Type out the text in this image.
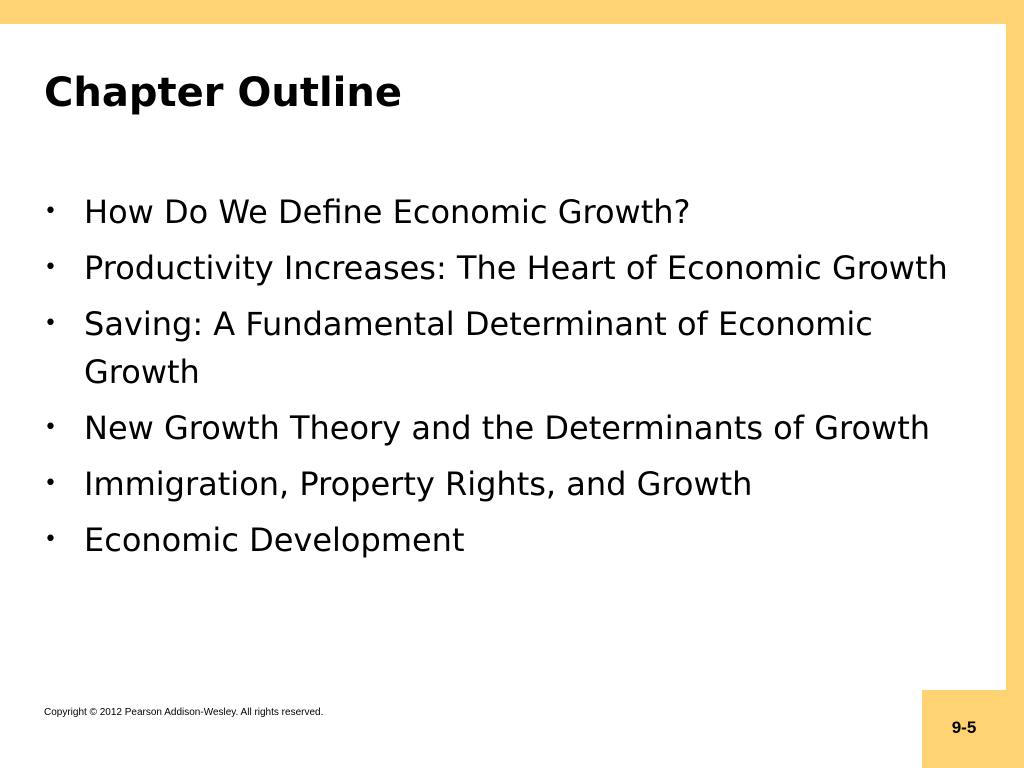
Chapter Outline
• How Do We Define Economic Growth?
• Productivity Increases: The Heart of Economic Growth
• Saving: A Fundamental Determinant of Economic Growth
• New Growth Theory and the Determinants of Growth
• Immigration, Property Rights, and Growth
• Economic Development
Copyright © 2012 Pearson Addison-Wesley. All rights reserved.
9-5
